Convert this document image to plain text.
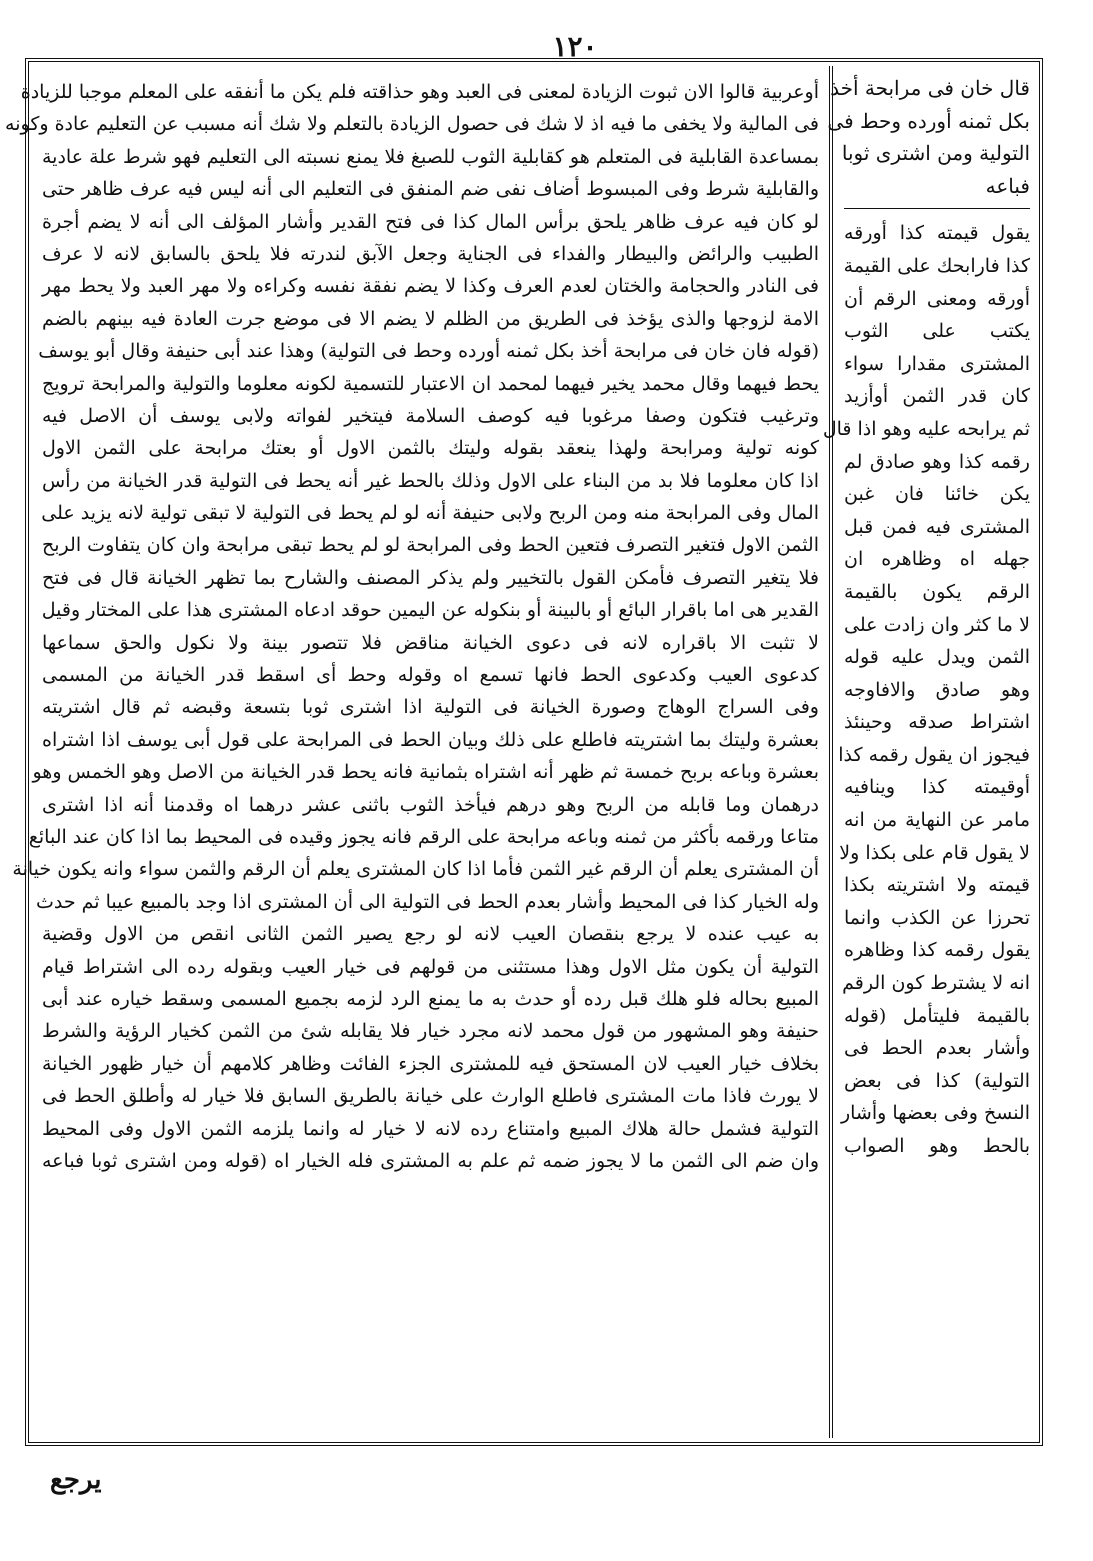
١٢٠
أوعربية قالوا الان ثبوت الزيادة لمعنى فى العبد وهو حذاقته فلم يكن ما أنفقه على المعلم موجبا للزيادة
فى المالية ولا يخفى ما فيه اذ لا شك فى حصول الزيادة بالتعلم ولا شك أنه مسبب عن التعليم عادة وكونه
بمساعدة القابلية فى المتعلم هو كقابلية الثوب للصبغ فلا يمنع نسبته الى التعليم فهو شرط علة عادية
والقابلية شرط وفى المبسوط أضاف نفى ضم المنفق فى التعليم الى أنه ليس فيه عرف ظاهر حتى
لو كان فيه عرف ظاهر يلحق برأس المال كذا فى فتح القدير وأشار المؤلف الى أنه لا يضم أجرة
الطبيب والرائض والبيطار والفداء فى الجناية وجعل الآبق لندرته فلا يلحق بالسابق لانه لا عرف
فى النادر والحجامة والختان لعدم العرف وكذا لا يضم نفقة نفسه وكراءه ولا مهر العبد ولا يحط مهر
الامة لزوجها والذى يؤخذ فى الطريق من الظلم لا يضم الا فى موضع جرت العادة فيه بينهم بالضم
(قوله فان خان فى مرابحة أخذ بكل ثمنه أورده وحط فى التولية) وهذا عند أبى حنيفة وقال أبو يوسف
يحط فيهما وقال محمد يخير فيهما لمحمد ان الاعتبار للتسمية لكونه معلوما والتولية والمرابحة ترويج
وترغيب فتكون وصفا مرغوبا فيه كوصف السلامة فيتخير لفواته ولابى يوسف أن الاصل فيه
كونه تولية ومرابحة ولهذا ينعقد بقوله وليتك بالثمن الاول أو بعتك مرابحة على الثمن الاول
اذا كان معلوما فلا بد من البناء على الاول وذلك بالحط غير أنه يحط فى التولية قدر الخيانة من رأس
المال وفى المرابحة منه ومن الربح ولابى حنيفة أنه لو لم يحط فى التولية لا تبقى تولية لانه يزيد على
الثمن الاول فتغير التصرف فتعين الحط وفى المرابحة لو لم يحط تبقى مرابحة وان كان يتفاوت الربح
فلا يتغير التصرف فأمكن القول بالتخيير ولم يذكر المصنف والشارح بما تظهر الخيانة قال فى فتح
القدير هى اما باقرار البائع أو بالبينة أو بنكوله عن اليمين حوقد ادعاه المشترى هذا على المختار وقيل
لا تثبت الا باقراره لانه فى دعوى الخيانة مناقض فلا تتصور بينة ولا نكول والحق سماعها
كدعوى العيب وكدعوى الحط فانها تسمع اه وقوله وحط أى اسقط قدر الخيانة من المسمى
وفى السراج الوهاج وصورة الخيانة فى التولية اذا اشترى ثوبا بتسعة وقبضه ثم قال اشتريته
بعشرة وليتك بما اشتريته فاطلع على ذلك وبيان الحط فى المرابحة على قول أبى يوسف اذا اشتراه
بعشرة وباعه بربح خمسة ثم ظهر أنه اشتراه بثمانية فانه يحط قدر الخيانة من الاصل وهو الخمس وهو
درهمان وما قابله من الربح وهو درهم فيأخذ الثوب باثنى عشر درهما اه وقدمنا أنه اذا اشترى
متاعا ورقمه بأكثر من ثمنه وباعه مرابحة على الرقم فانه يجوز وقيده فى المحيط بما اذا كان عند البائع
أن المشترى يعلم أن الرقم غير الثمن فأما اذا كان المشترى يعلم أن الرقم والثمن سواء وانه يكون خيانة
وله الخيار كذا فى المحيط وأشار بعدم الحط فى التولية الى أن المشترى اذا وجد بالمبيع عيبا ثم حدث
به عيب عنده لا يرجع بنقصان العيب لانه لو رجع يصير الثمن الثانى انقص من الاول وقضية
التولية أن يكون مثل الاول وهذا مستثنى من قولهم فى خيار العيب وبقوله رده الى اشتراط قيام
المبيع بحاله فلو هلك قبل رده أو حدث به ما يمنع الرد لزمه بجميع المسمى وسقط خياره عند أبى
حنيفة وهو المشهور من قول محمد لانه مجرد خيار فلا يقابله شئ من الثمن كخيار الرؤية والشرط
بخلاف خيار العيب لان المستحق فيه للمشترى الجزء الفائت وظاهر كلامهم أن خيار ظهور الخيانة
لا يورث فاذا مات المشترى فاطلع الوارث على خيانة بالطريق السابق فلا خيار له وأطلق الحط فى
التولية فشمل حالة هلاك المبيع وامتناع رده لانه لا خيار له وانما يلزمه الثمن الاول وفى المحيط
وان ضم الى الثمن ما لا يجوز ضمه ثم علم به المشترى فله الخيار اه (قوله ومن اشترى ثوبا فباعه
قال خان فى مرابحة أخذ
بكل ثمنه أورده وحط فى
التولية ومن اشترى ثوبا
فباعه
يقول قيمته كذا أورقه
كذا فارابحك على القيمة
أورقه ومعنى الرقم أن
يكتب على الثوب
المشترى مقدارا سواء
كان قدر الثمن أوأزيد
ثم يرابحه عليه وهو اذا قال
رقمه كذا وهو صادق لم
يكن خائنا فان غبن
المشترى فيه فمن قبل
جهله اه وظاهره ان
الرقم يكون بالقيمة
لا ما كثر وان زادت على
الثمن ويدل عليه قوله
وهو صادق والافاوجه
اشتراط صدقه وحينئذ
فيجوز ان يقول رقمه كذا
أوقيمته كذا وينافيه
مامر عن النهاية من انه
لا يقول قام على بكذا ولا
قيمته ولا اشتريته بكذا
تحرزا عن الكذب وانما
يقول رقمه كذا وظاهره
انه لا يشترط كون الرقم
بالقيمة فليتأمل (قوله
وأشار بعدم الحط فى
التولية) كذا فى بعض
النسخ وفى بعضها وأشار
بالحط وهو الصواب
يرجع
